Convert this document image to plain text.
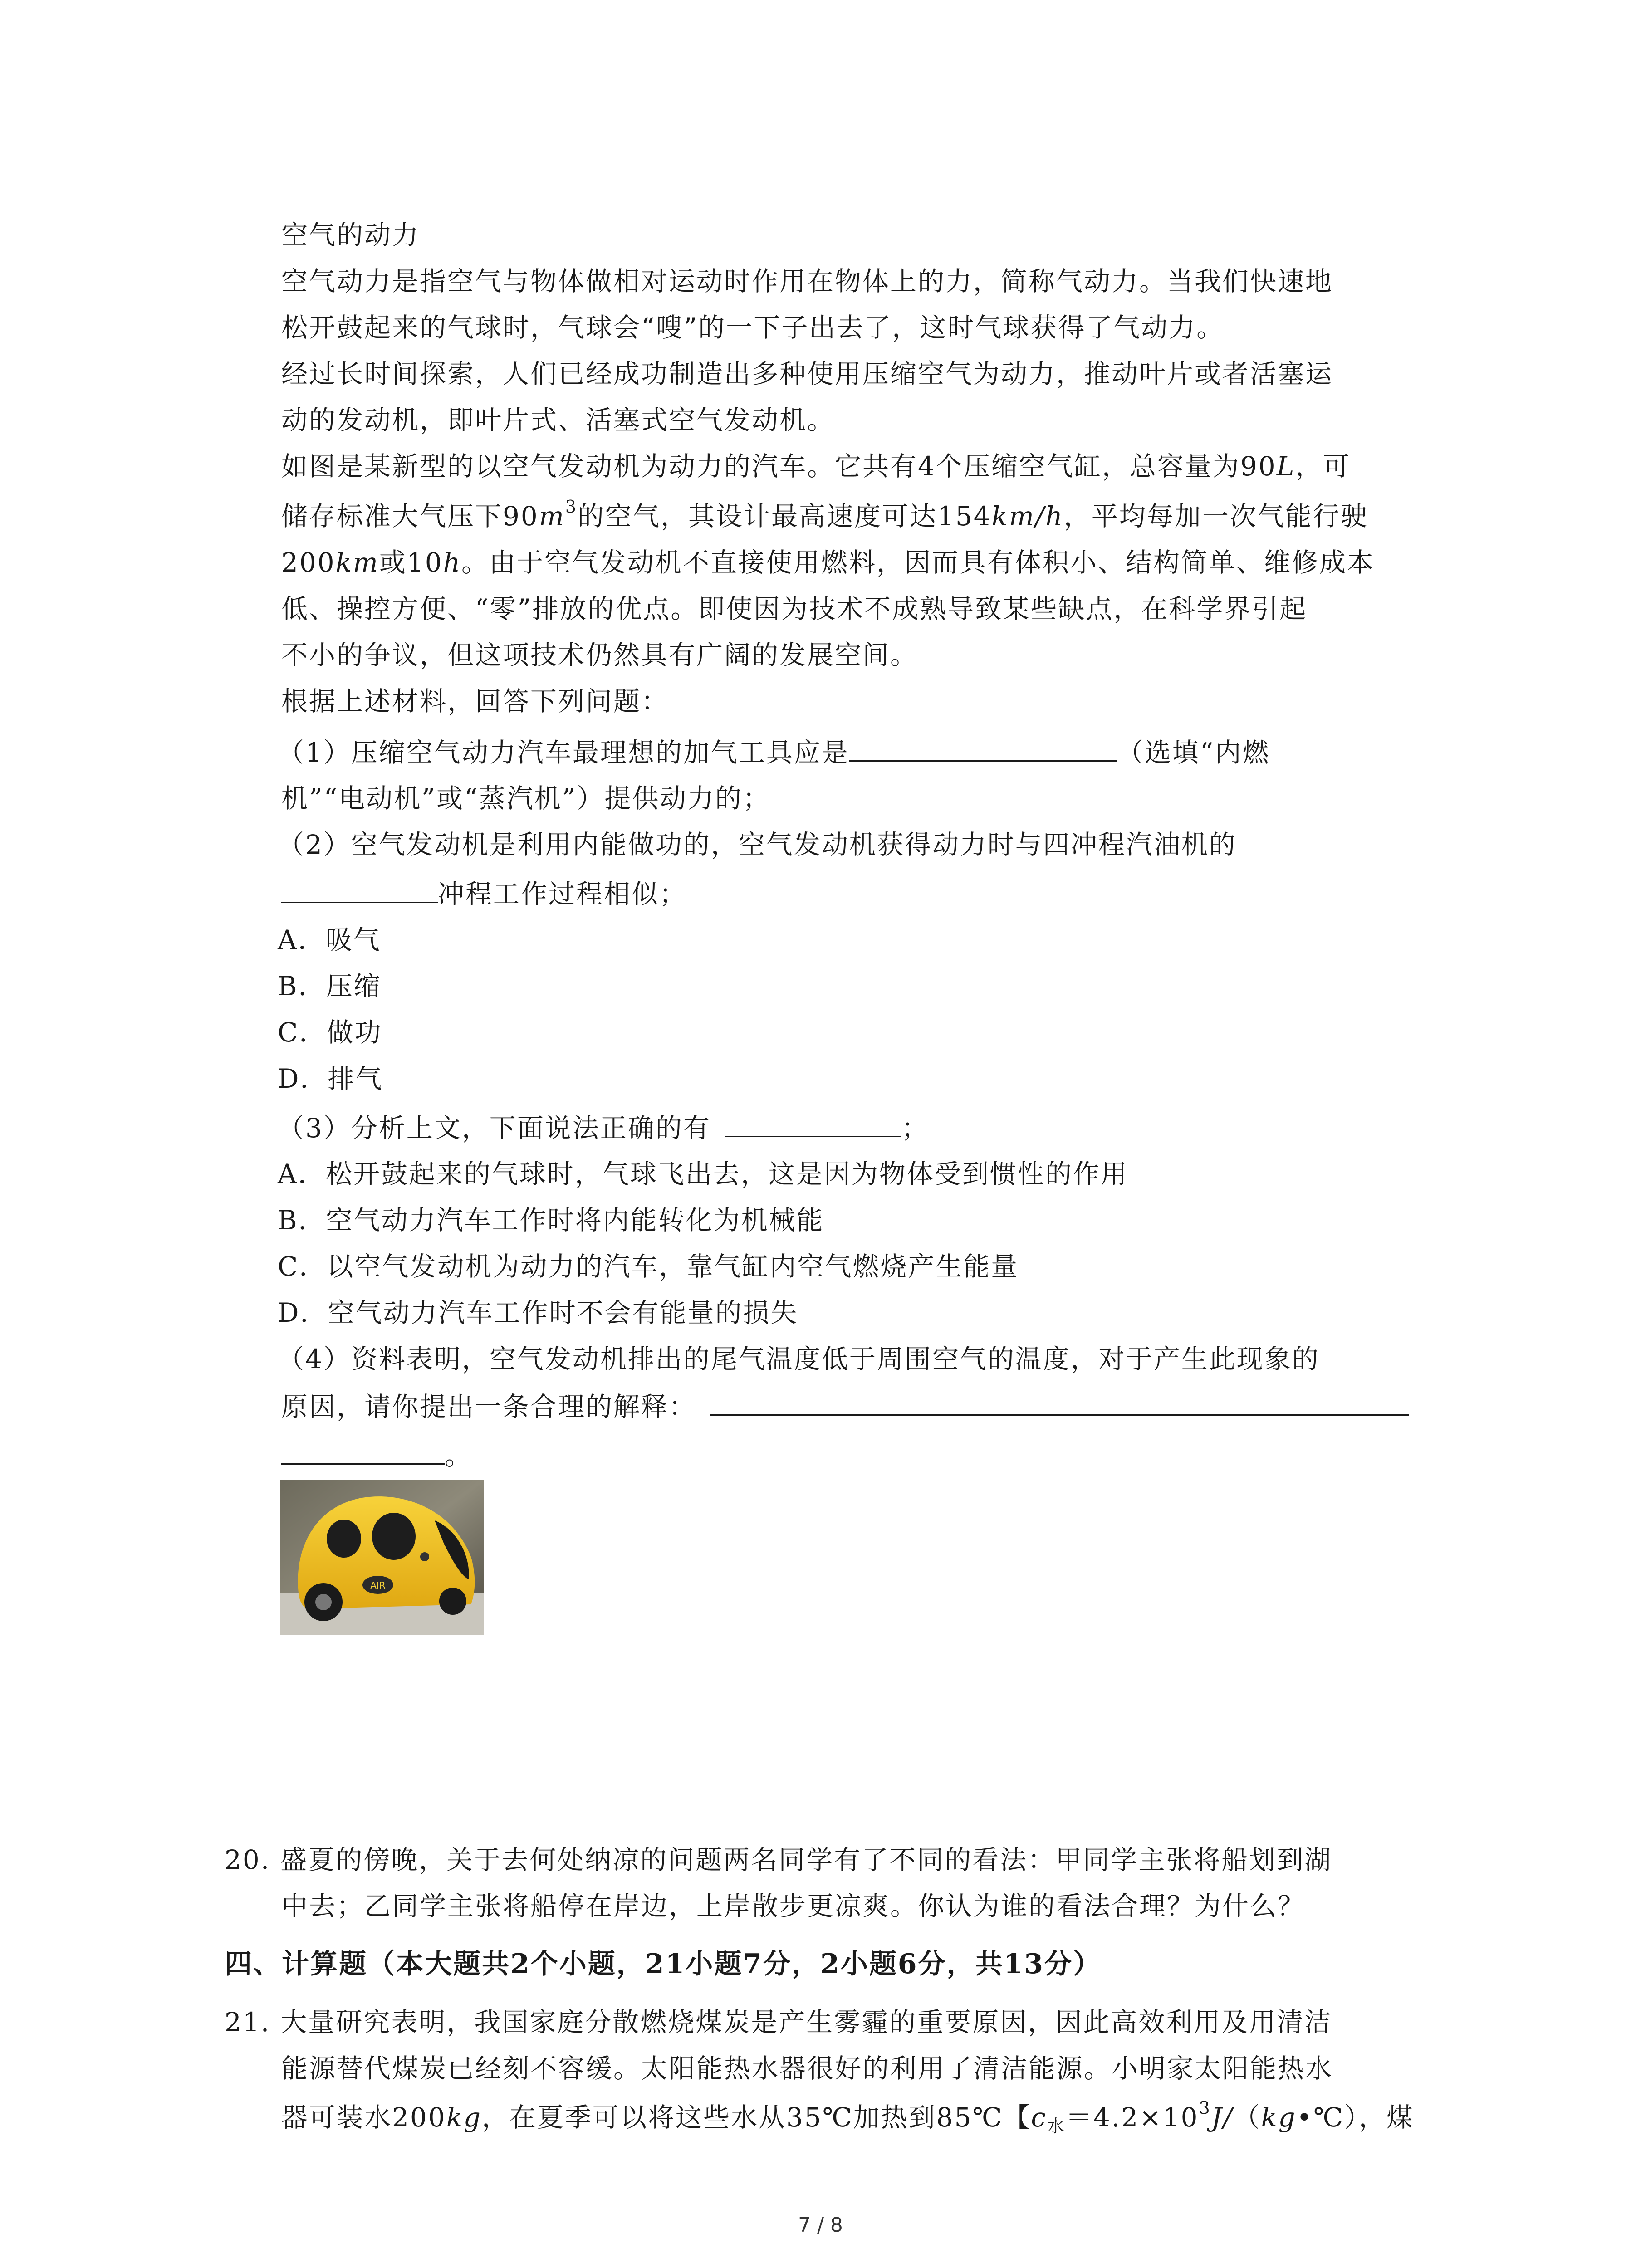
空气的动力
空气动力是指空气与物体做相对运动时作用在物体上的力，简称气动力。当我们快速地
松开鼓起来的气球时，气球会“嗖”的一下子出去了，这时气球获得了气动力。
经过长时间探索，人们已经成功制造出多种使用压缩空气为动力，推动叶片或者活塞运
动的发动机，即叶片式、活塞式空气发动机。
如图是某新型的以空气发动机为动力的汽车。它共有4个压缩空气缸，总容量为90L，可
储存标准大气压下$90m^3$的空气，其设计最高速度可达154km/h，平均每加一次气能行驶
200km或10h。由于空气发动机不直接使用燃料，因而具有体积小、结构简单、维修成本
低、操控方便、“零”排放的优点。即使因为技术不成熟导致某些缺点，在科学界引起
不小的争议，但这项技术仍然具有广阔的发展空间。
根据上述材料，回答下列问题：
（1）压缩空气动力汽车最理想的加气工具应是	（选填“内燃
机”“电动机”或“蒸汽机”）提供动力的；
（2）空气发动机是利用内能做功的，空气发动机获得动力时与四冲程汽油机的
冲程工作过程相似；
A．吸气
B．压缩
C．做功
D．排气
（3）分析上文，下面说法正确的有	；
A．松开鼓起来的气球时，气球飞出去，这是因为物体受到惯性的作用
B．空气动力汽车工作时将内能转化为机械能
C．以空气发动机为动力的汽车，靠气缸内空气燃烧产生能量
D．空气动力汽车工作时不会有能量的损失
（4）资料表明，空气发动机排出的尾气温度低于周围空气的温度，对于产生此现象的
原因，请你提出一条合理的解释：
。
AIR
20. 盛夏的傍晚，关于去何处纳凉的问题两名同学有了不同的看法：甲同学主张将船划到湖
中去；乙同学主张将船停在岸边，上岸散步更凉爽。你认为谁的看法合理？为什么？
四、计算题（本大题共2个小题，21小题7分，2小题6分，共13分）
21. 大量研究表明，我国家庭分散燃烧煤炭是产生雾霾的重要原因，因此高效利用及用清洁
能源替代煤炭已经刻不容缓。太阳能热水器很好的利用了清洁能源。小明家太阳能热水
器可装水200kg，在夏季可以将这些水从35℃加热到85℃【$c_水=4.2\times 10^3J/(kg•℃)$，煤
7 / 8
